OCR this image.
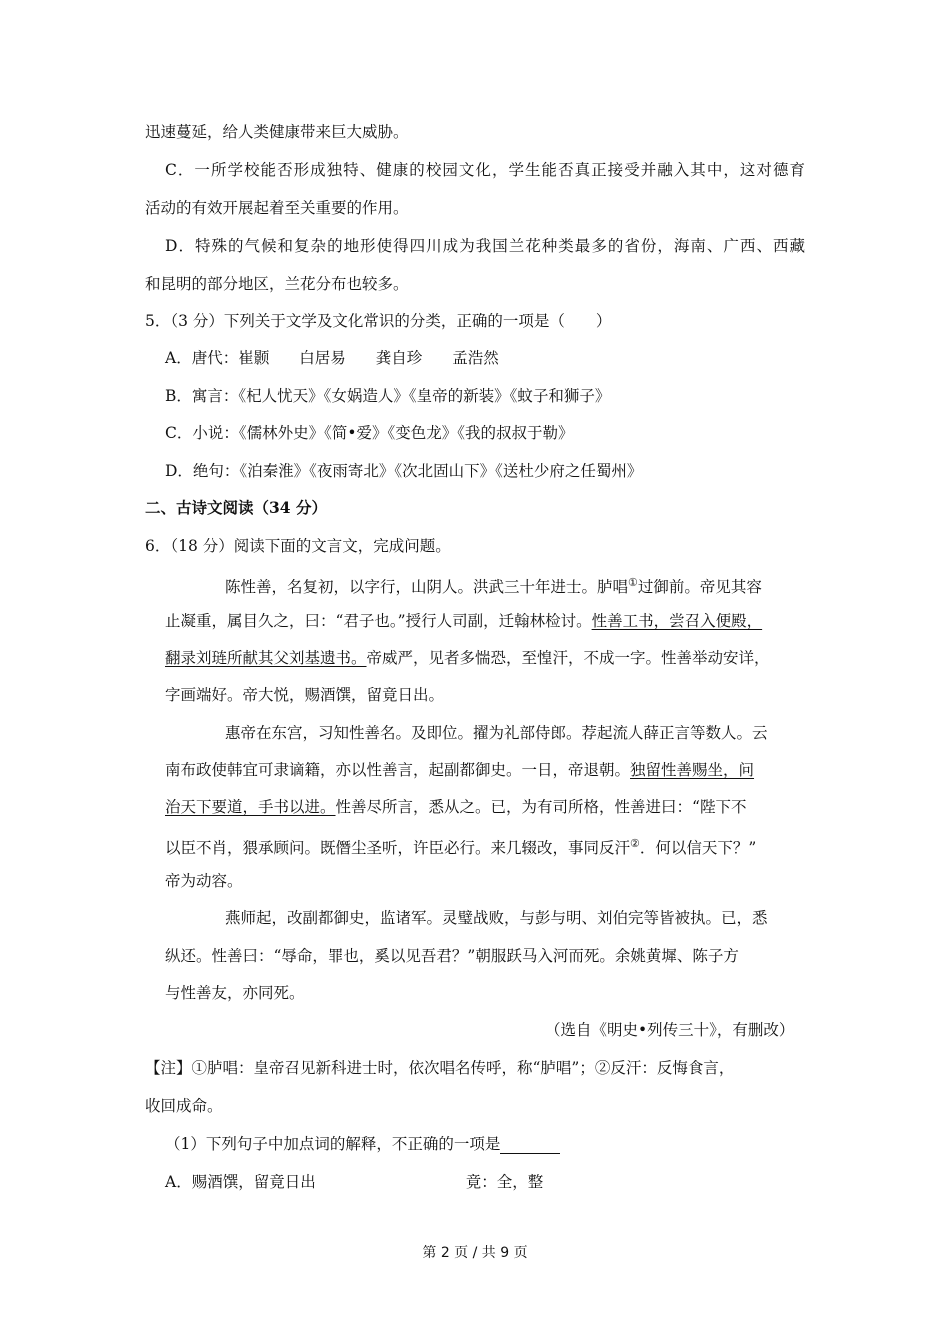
迅速蔓延，给人类健康带来巨大威胁。
C．一所学校能否形成独特、健康的校园文化，学生能否真正接受并融入其中，这对德育
活动的有效开展起着至关重要的作用。
D．特殊的气候和复杂的地形使得四川成为我国兰花种类最多的省份，海南、广西、西藏
和昆明的部分地区，兰花分布也较多。
5．（3 分）下列关于文学及文化常识的分类，正确的一项是（　　）
A．唐代：崔颢 白居易 龚自珍 孟浩然
B．寓言：《杞人忧天》《女娲造人》《皇帝的新装》《蚊子和狮子》
C．小说：《儒林外史》《简•爱》《变色龙》《我的叔叔于勒》
D．绝句：《泊秦淮》《夜雨寄北》《次北固山下》《送杜少府之任蜀州》
二、古诗文阅读（34 分）
6．（18 分）阅读下面的文言文，完成问题。
陈性善，名复初，以字行，山阴人。洪武三十年进士。胪唱①过御前。帝见其容
止凝重，属目久之，曰：“君子也。”授行人司副，迁翰林检讨。性善工书，尝召入便殿，
翻录刘琏所献其父刘基遗书。帝威严，见者多惴恐，至惶汗，不成一字。性善举动安详，
字画端好。帝大悦，赐酒馔，留竟日出。
惠帝在东宫，习知性善名。及即位。擢为礼部侍郎。荐起流人薛正言等数人。云
南布政使韩宜可隶谪籍，亦以性善言，起副都御史。一日，帝退朝。独留性善赐坐，问
治天下要道，手书以进。性善尽所言，悉从之。已，为有司所格，性善进曰：“陛下不
以臣不肖，猥承顾问。既僭尘圣听，许臣必行。来几辍改，事同反汗②．何以信天下？”
帝为动容。
燕师起，改副都御史，监诸军。灵璧战败，与彭与明、刘伯完等皆被执。已，悉
纵还。性善曰：“辱命，罪也，奚以见吾君？”朝服跃马入河而死。余姚黄墀、陈子方
与性善友，亦同死。
（选自《明史•列传三十》，有删改）
【注】①胪唱：皇帝召见新科进士时，依次唱名传呼，称“胪唱”；②反汗：反悔食言，
收回成命。
（1）下列句子中加点词的解释，不正确的一项是
A．赐酒馔，留竟日出	竟：全，整
第 2 页 / 共 9 页
